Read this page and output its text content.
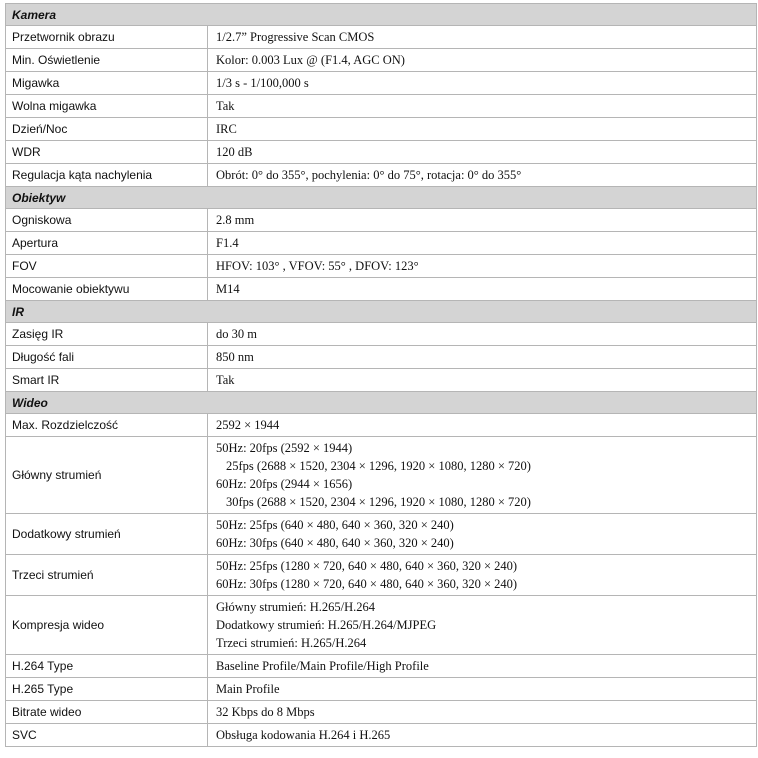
Kamera	
Przetwornik obrazu	1/2.7” Progressive Scan CMOS

Min. Oświetlenie	Kolor: 0.003 Lux @ (F1.4, AGC ON)

Migawka	1/3 s - 1/100,000 s

Wolna migawka	Tak

Dzień/Noc	IRC

WDR	120 dB

Regulacja kąta nachylenia	Obrót: 0° do 355°, pochylenia: 0° do 75°, rotacja: 0° do 355°

Obiektyw	
Ogniskowa	2.8 mm

Apertura	F1.4

FOV	HFOV: 103° , VFOV: 55° , DFOV: 123°

Mocowanie obiektywu	M14

IR	
Zasięg IR	do 30 m

Długość fali	850 nm

Smart IR	Tak

Wideo	
Max. Rozdzielczość	2592 × 1944

Główny strumień	50Hz: 20fps (2592 × 1944)
25fps (2688 × 1520, 2304 × 1296, 1920 × 1080, 1280 × 720)
60Hz: 20fps (2944 × 1656)
30fps (2688 × 1520, 2304 × 1296, 1920 × 1080, 1280 × 720)

Dodatkowy strumień	50Hz: 25fps (640 × 480, 640 × 360, 320 × 240)
60Hz: 30fps (640 × 480, 640 × 360, 320 × 240)

Trzeci strumień	50Hz: 25fps (1280 × 720, 640 × 480, 640 × 360, 320 × 240)
60Hz: 30fps (1280 × 720, 640 × 480, 640 × 360, 320 × 240)

Kompresja wideo	Główny strumień: H.265/H.264
Dodatkowy strumień: H.265/H.264/MJPEG
Trzeci strumień: H.265/H.264

H.264 Type	Baseline Profile/Main Profile/High Profile

H.265 Type	Main Profile

Bitrate wideo	32 Kbps do 8 Mbps

SVC	Obsługa kodowania H.264 i H.265
